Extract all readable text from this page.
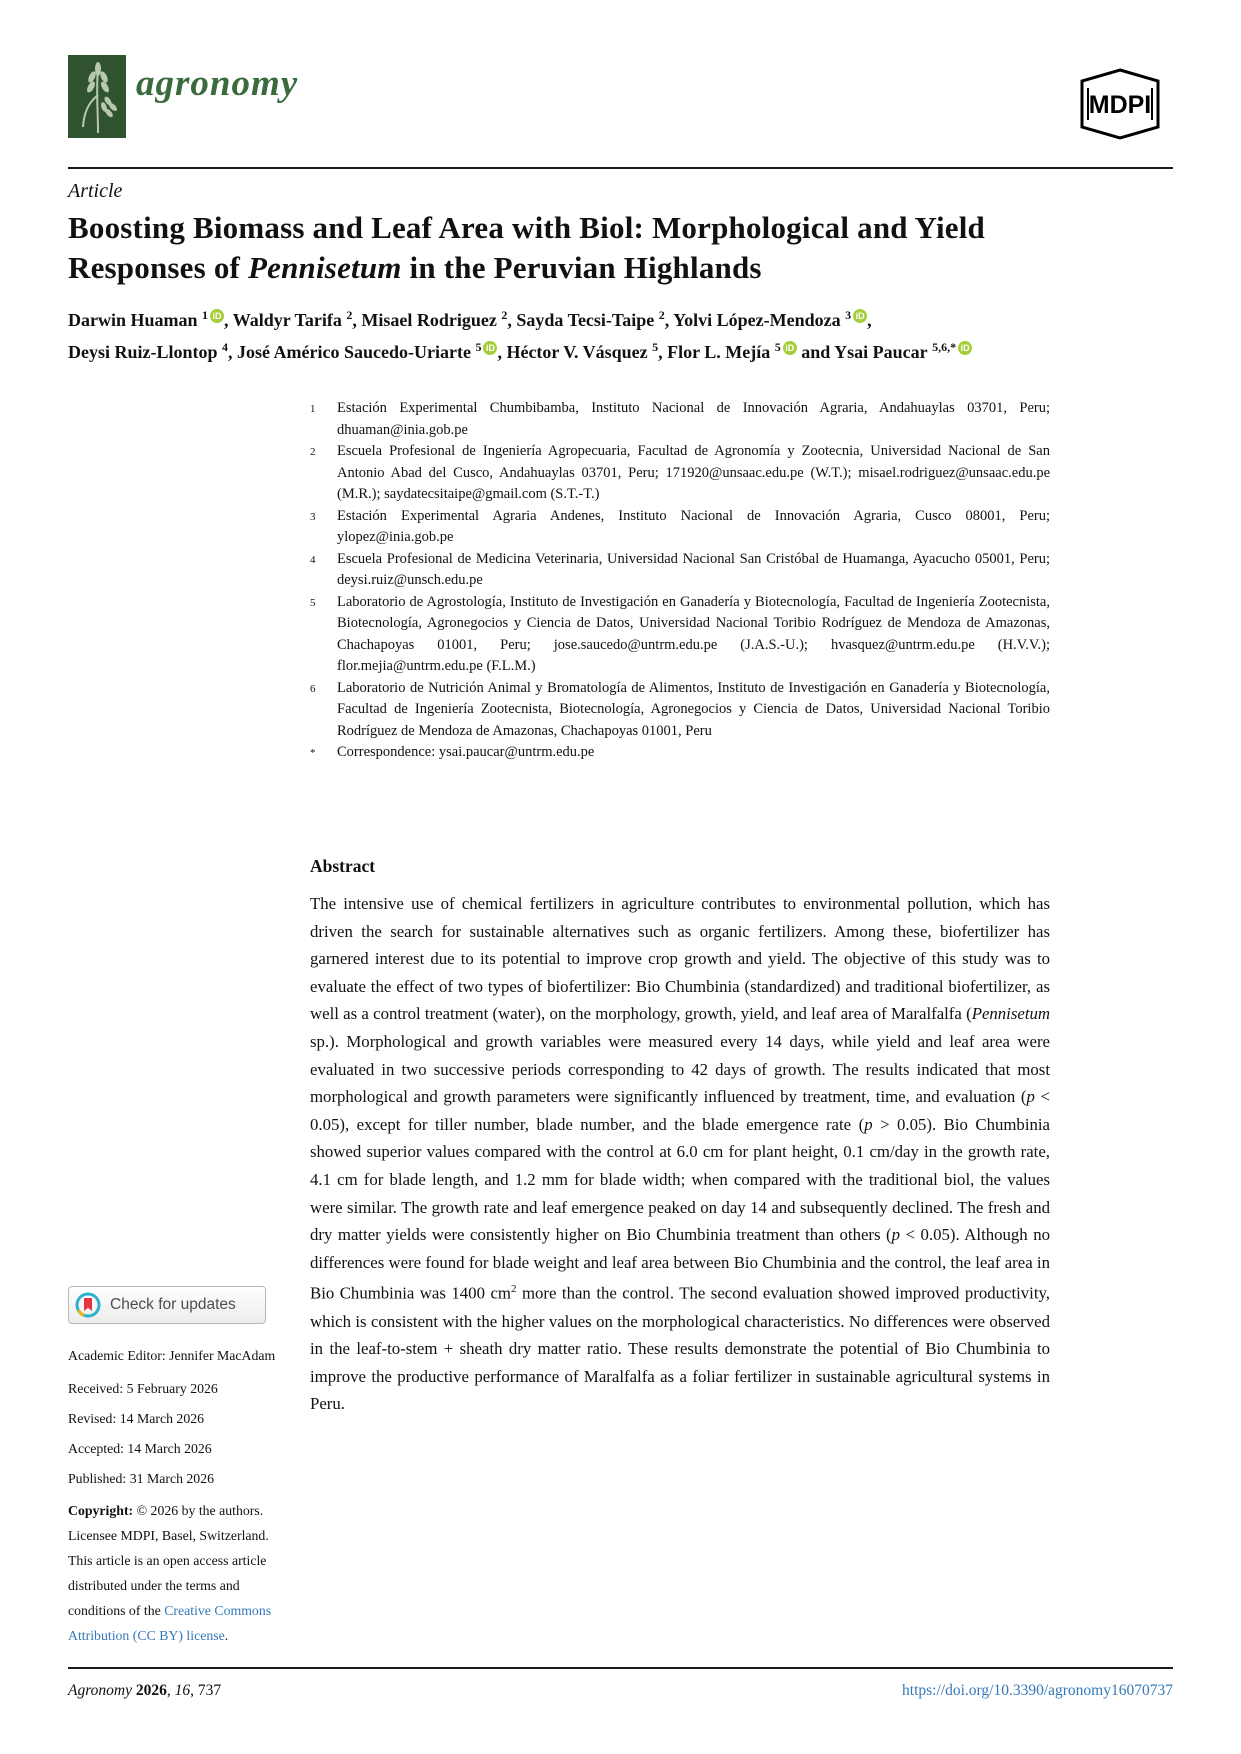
agronomy
MDPI
Article
Boosting Biomass and Leaf Area with Biol: Morphological and Yield Responses of Pennisetum in the Peruvian Highlands
Darwin Huaman $^1$ iD , Waldyr Tarifa $^2$, Misael Rodriguez $^2$, Sayda Tecsi-Taipe $^2$, Yolvi López-Mendoza $^3$ iD ,
Deysi Ruiz-Llontop $^4$, José Américo Saucedo-Uriarte $^5$ iD , Héctor V. Vásquez $^5$, Flor L. Mejía $^5$ iD and Ysai Paucar $^{5,6,*}$ iD
1	Estación Experimental Chumbibamba, Instituto Nacional de Innovación Agraria, Andahuaylas 03701, Peru; dhuaman@inia.gob.pe
2	Escuela Profesional de Ingeniería Agropecuaria, Facultad de Agronomía y Zootecnia, Universidad Nacional de San Antonio Abad del Cusco, Andahuaylas 03701, Peru; 171920@unsaac.edu.pe (W.T.); misael.rodriguez@unsaac.edu.pe (M.R.); saydatecsitaipe@gmail.com (S.T.-T.)
3	Estación Experimental Agraria Andenes, Instituto Nacional de Innovación Agraria, Cusco 08001, Peru; ylopez@inia.gob.pe
4	Escuela Profesional de Medicina Veterinaria, Universidad Nacional San Cristóbal de Huamanga, Ayacucho 05001, Peru; deysi.ruiz@unsch.edu.pe
5	Laboratorio de Agrostología, Instituto de Investigación en Ganadería y Biotecnología, Facultad de Ingeniería Zootecnista, Biotecnología, Agronegocios y Ciencia de Datos, Universidad Nacional Toribio Rodríguez de Mendoza de Amazonas, Chachapoyas 01001, Peru; jose.saucedo@untrm.edu.pe (J.A.S.-U.); hvasquez@untrm.edu.pe (H.V.V.); flor.mejia@untrm.edu.pe (F.L.M.)
6	Laboratorio de Nutrición Animal y Bromatología de Alimentos, Instituto de Investigación en Ganadería y Biotecnología, Facultad de Ingeniería Zootecnista, Biotecnología, Agronegocios y Ciencia de Datos, Universidad Nacional Toribio Rodríguez de Mendoza de Amazonas, Chachapoyas 01001, Peru
*	Correspondence: ysai.paucar@untrm.edu.pe
Abstract
The intensive use of chemical fertilizers in agriculture contributes to environmental pollution, which has driven the search for sustainable alternatives such as organic fertilizers. Among these, biofertilizer has garnered interest due to its potential to improve crop growth and yield. The objective of this study was to evaluate the effect of two types of biofertilizer: Bio Chumbinia (standardized) and traditional biofertilizer, as well as a control treatment (water), on the morphology, growth, yield, and leaf area of Maralfalfa (Pennisetum sp.). Morphological and growth variables were measured every 14 days, while yield and leaf area were evaluated in two successive periods corresponding to 42 days of growth. The results indicated that most morphological and growth parameters were significantly influenced by treatment, time, and evaluation (p < 0.05), except for tiller number, blade number, and the blade emergence rate (p > 0.05). Bio Chumbinia showed superior values compared with the control at 6.0 cm for plant height, 0.1 cm/day in the growth rate, 4.1 cm for blade length, and 1.2 mm for blade width; when compared with the traditional biol, the values were similar. The growth rate and leaf emergence peaked on day 14 and subsequently declined. The fresh and dry matter yields were consistently higher on Bio Chumbinia treatment than others (p < 0.05). Although no differences were found for blade weight and leaf area between Bio Chumbinia and the control, the leaf area in Bio Chumbinia was 1400 $cm^2$ more than the control. The second evaluation showed improved productivity, which is consistent with the higher values on the morphological characteristics. No differences were observed in the leaf-to-stem + sheath dry matter ratio. These results demonstrate the potential of Bio Chumbinia to improve the productive performance of Maralfalfa as a foliar fertilizer in sustainable agricultural systems in Peru.
Check for updates
Academic Editor: Jennifer MacAdam

Received: 5 February 2026

Revised: 14 March 2026

Accepted: 14 March 2026

Published: 31 March 2026

Copyright: © 2026 by the authors. Licensee MDPI, Basel, Switzerland. This article is an open access article distributed under the terms and conditions of the Creative Commons Attribution (CC BY) license.
Agronomy 2026, 16, 737	https://doi.org/10.3390/agronomy16070737
